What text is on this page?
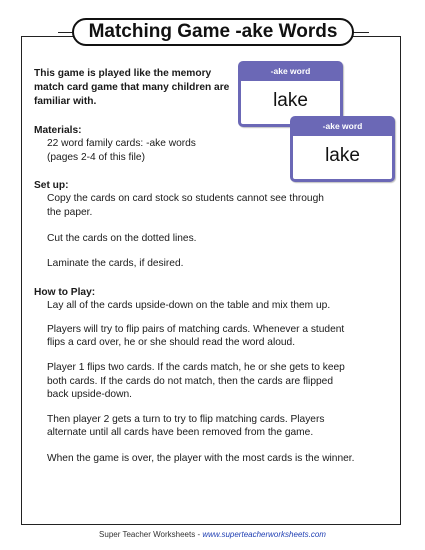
Matching Game -ake Words
This game is played like the memory match card game that many children are familiar with.
-ake word
lake
-ake word
lake
Materials:
22 word family cards: -ake words
(pages 2-4 of this file)
Set up:
Copy the cards on card stock so students cannot see through
the paper.
Cut the cards on the dotted lines.
Laminate the cards, if desired.
How to Play:
Lay all of the cards upside-down on the table and mix them up.
Players will try to flip pairs of matching cards. Whenever a student
flips a card over, he or she should read the word aloud.
Player 1 flips two cards. If the cards match, he or she gets to keep
both cards. If the cards do not match, then the cards are flipped
back upside-down.
Then player 2 gets a turn to try to flip matching cards. Players
alternate until all cards have been removed from the game.
When the game is over, the player with the most cards is the winner.
Super Teacher Worksheets - www.superteacherworksheets.com
